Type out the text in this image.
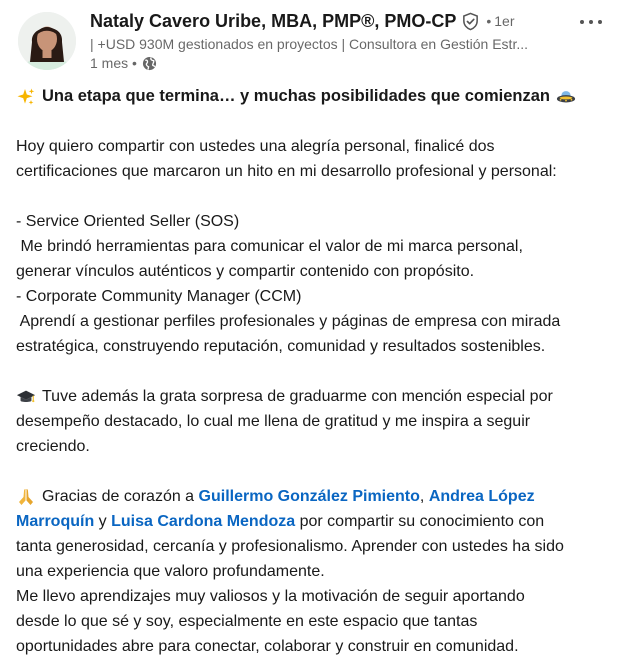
Nataly Cavero Uribe, MBA, PMP®, PMO-CP • 1er
| +USD 930M gestionados en proyectos | Consultora en Gestión Estr...
1 mes •

Una etapa que termina… y muchas posibilidades que comienzan

Hoy quiero compartir con ustedes una alegría personal, finalicé dos

certificaciones que marcaron un hito en mi desarrollo profesional y personal:

- Service Oriented Seller (SOS)

Me brindó herramientas para comunicar el valor de mi marca personal,

generar vínculos auténticos y compartir contenido con propósito.

- Corporate Community Manager (CCM)

Aprendí a gestionar perfiles profesionales y páginas de empresa con mirada

estratégica, construyendo reputación, comunidad y resultados sostenibles.

Tuve además la grata sorpresa de graduarme con mención especial por

desempeño destacado, lo cual me llena de gratitud y me inspira a seguir

creciendo.

Gracias de corazón a Guillermo González Pimiento, Andrea López

Marroquín y Luisa Cardona Mendoza por compartir su conocimiento con

tanta generosidad, cercanía y profesionalismo. Aprender con ustedes ha sido

una experiencia que valoro profundamente.

Me llevo aprendizajes muy valiosos y la motivación de seguir aportando

desde lo que sé y soy, especialmente en este espacio que tantas

oportunidades abre para conectar, colaborar y construir en comunidad.
